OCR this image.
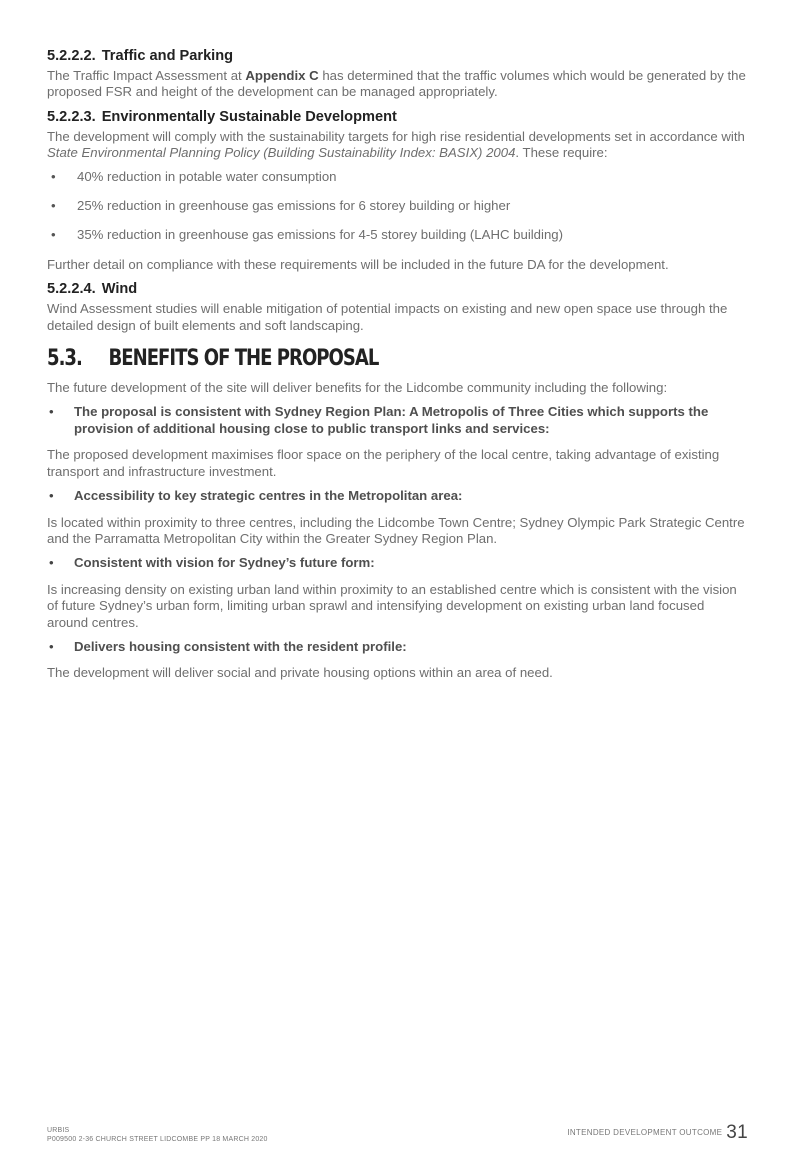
5.2.2.2. Traffic and Parking

The Traffic Impact Assessment at Appendix C has determined that the traffic volumes which would be generated by the proposed FSR and height of the development can be managed appropriately.

5.2.2.3. Environmentally Sustainable Development

The development will comply with the sustainability targets for high rise residential developments set in accordance with State Environmental Planning Policy (Building Sustainability Index: BASIX) 2004. These require:

• 40% reduction in potable water consumption
• 25% reduction in greenhouse gas emissions for 6 storey building or higher
• 35% reduction in greenhouse gas emissions for 4-5 storey building (LAHC building)

Further detail on compliance with these requirements will be included in the future DA for the development.

5.2.2.4. Wind

Wind Assessment studies will enable mitigation of potential impacts on existing and new open space use through the detailed design of built elements and soft landscaping.

5.3. BENEFITS OF THE PROPOSAL

The future development of the site will deliver benefits for the Lidcombe community including the following:

• The proposal is consistent with Sydney Region Plan: A Metropolis of Three Cities which supports the provision of additional housing close to public transport links and services:

The proposed development maximises floor space on the periphery of the local centre, taking advantage of existing transport and infrastructure investment.

• Accessibility to key strategic centres in the Metropolitan area:

Is located within proximity to three centres, including the Lidcombe Town Centre; Sydney Olympic Park Strategic Centre and the Parramatta Metropolitan City within the Greater Sydney Region Plan.

• Consistent with vision for Sydney’s future form:

Is increasing density on existing urban land within proximity to an established centre which is consistent with the vision of future Sydney’s urban form, limiting urban sprawl and intensifying development on existing urban land focused around centres.

• Delivers housing consistent with the resident profile:

The development will deliver social and private housing options within an area of need.

URBIS
P009500 2-36 CHURCH STREET LIDCOMBE PP 18 MARCH 2020
INTENDED DEVELOPMENT OUTCOME 31
